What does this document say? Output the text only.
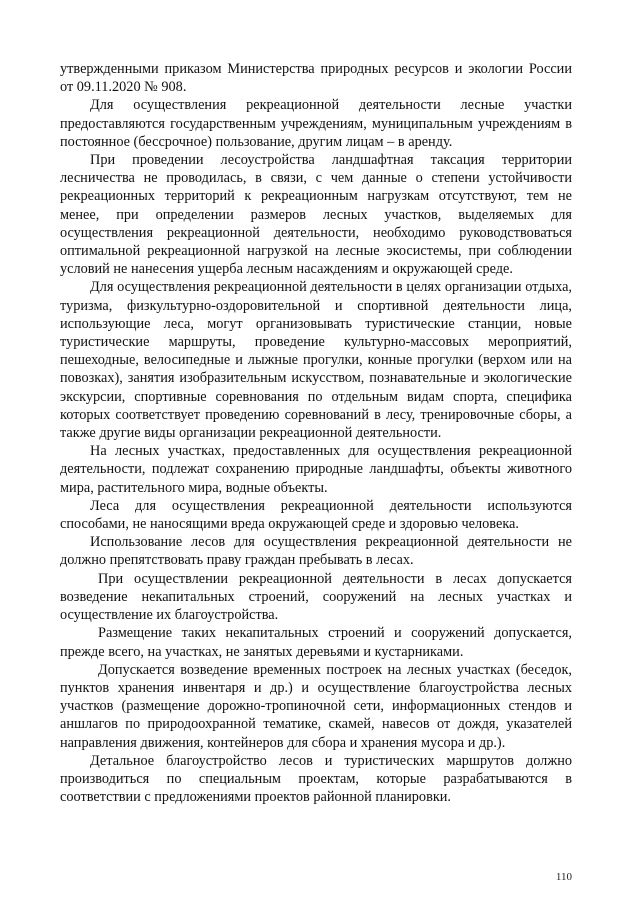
утвержденными приказом Министерства природных ресурсов и экологии России от 09.11.2020 № 908.

Для осуществления рекреационной деятельности лесные участки предоставляются государственным учреждениям, муниципальным учреждениям в постоянное (бессрочное) пользование, другим лицам – в аренду.

При проведении лесоустройства ландшафтная таксация территории лесничества не проводилась, в связи, с чем данные о степени устойчивости рекреационных территорий к рекреационным нагрузкам отсутствуют, тем не менее, при определении размеров лесных участков, выделяемых для осуществления рекреационной деятельности, необходимо руководствоваться оптимальной рекреационной нагрузкой на лесные экосистемы, при соблюдении условий не нанесения ущерба лесным насаждениям и окружающей среде.

Для осуществления рекреационной деятельности в целях организации отдыха, туризма, физкультурно-оздоровительной и спортивной деятельности лица, использующие леса, могут организовывать туристические станции, новые туристические маршруты, проведение культурно-массовых мероприятий, пешеходные, велосипедные и лыжные прогулки, конные прогулки (верхом или на повозках), занятия изобразительным искусством, познавательные и экологические экскурсии, спортивные соревнования по отдельным видам спорта, специфика которых соответствует проведению соревнований в лесу, тренировочные сборы, а также другие виды организации рекреационной деятельности.

На лесных участках, предоставленных для осуществления рекреационной деятельности, подлежат сохранению природные ландшафты, объекты животного мира, растительного мира, водные объекты.

Леса для осуществления рекреационной деятельности используются способами, не наносящими вреда окружающей среде и здоровью человека.

Использование лесов для осуществления рекреационной деятельности не должно препятствовать праву граждан пребывать в лесах.

При осуществлении рекреационной деятельности в лесах допускается возведение некапитальных строений, сооружений на лесных участках и осуществление их благоустройства.

Размещение таких некапитальных строений и сооружений допускается, прежде всего, на участках, не занятых деревьями и кустарниками.

Допускается возведение временных построек на лесных участках (беседок, пунктов хранения инвентаря и др.) и осуществление благоустройства лесных участков (размещение дорожно-тропиночной сети, информационных стендов и аншлагов по природоохранной тематике, скамей, навесов от дождя, указателей направления движения, контейнеров для сбора и хранения мусора и др.).

Детальное благоустройство лесов и туристических маршрутов должно производиться по специальным проектам, которые разрабатываются в соответствии с предложениями проектов районной планировки.

110
